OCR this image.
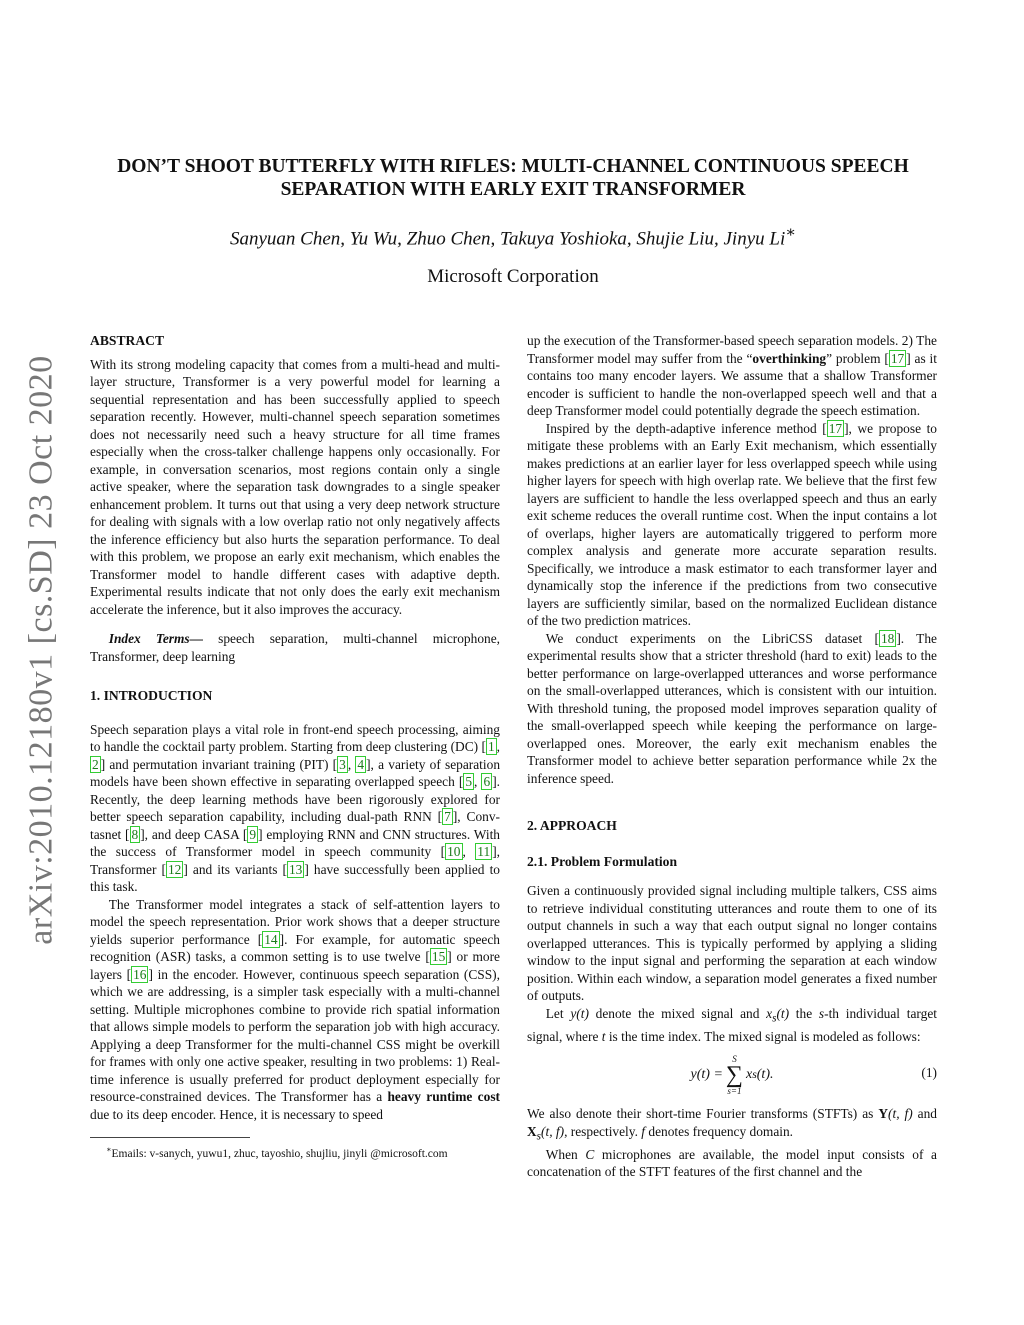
arXiv:2010.12180v1 [cs.SD] 23 Oct 2020
DON’T SHOOT BUTTERFLY WITH RIFLES: MULTI-CHANNEL CONTINUOUS SPEECH
SEPARATION WITH EARLY EXIT TRANSFORMER
Sanyuan Chen, Yu Wu, Zhuo Chen, Takuya Yoshioka, Shujie Liu, Jinyu Li∗
Microsoft Corporation

ABSTRACT

With its strong modeling capacity that comes from a multi-head and multi-layer structure, Transformer is a very powerful model for learning a sequential representation and has been successfully applied to speech separation recently. However, multi-channel speech separation sometimes does not necessarily need such a heavy structure for all time frames especially when the cross-talker challenge happens only occasionally. For example, in conversation scenarios, most regions contain only a single active speaker, where the separation task downgrades to a single speaker enhancement problem. It turns out that using a very deep network structure for dealing with signals with a low overlap ratio not only negatively affects the inference efficiency but also hurts the separation performance. To deal with this problem, we propose an early exit mechanism, which enables the Transformer model to handle different cases with adaptive depth. Experimental results indicate that not only does the early exit mechanism accelerate the inference, but it also improves the accuracy.

Index Terms— speech separation, multi-channel microphone, Transformer, deep learning

1. INTRODUCTION

Speech separation plays a vital role in front-end speech processing, aiming to handle the cocktail party problem. Starting from deep clustering (DC) [ 1 , 2 ] and permutation invariant training (PIT) [ 3 , 4 ], a variety of separation models have been shown effective in separating overlapped speech [ 5 , 6 ]. Recently, the deep learning methods have been rigorously explored for better speech separation capability, including dual-path RNN [ 7 ], Conv-tasnet [ 8 ], and deep CASA [ 9 ] employing RNN and CNN structures. With the success of Transformer model in speech community [ 10 , 11 ], Transformer [ 12 ] and its variants [ 13 ] have successfully been applied to this task.

The Transformer model integrates a stack of self-attention layers to model the speech representation. Prior work shows that a deeper structure yields superior performance [ 14 ]. For example, for automatic speech recognition (ASR) tasks, a common setting is to use twelve [ 15 ] or more layers [ 16 ] in the encoder. However, continuous speech separation (CSS), which we are addressing, is a simpler task especially with a multi-channel setting. Multiple microphones combine to provide rich spatial information that allows simple models to perform the separation job with high accuracy. Applying a deep Transformer for the multi-channel CSS might be overkill for frames with only one active speaker, resulting in two problems: 1) Real-time inference is usually preferred for product deployment especially for resource-constrained devices. The Transformer has a heavy runtime cost due to its deep encoder. Hence, it is necessary to speed

∗Emails: v-sanych, yuwu1, zhuc, tayoshio, shujliu, jinyli @microsoft.com

up the execution of the Transformer-based speech separation models. 2) The Transformer model may suffer from the “overthinking” problem [ 17 ] as it contains too many encoder layers. We assume that a shallow Transformer encoder is sufficient to handle the non-overlapped speech well and that a deep Transformer model could potentially degrade the speech estimation.

Inspired by the depth-adaptive inference method [ 17 ], we propose to mitigate these problems with an Early Exit mechanism, which essentially makes predictions at an earlier layer for less overlapped speech while using higher layers for speech with high overlap rate. We believe that the first few layers are sufficient to handle the less overlapped speech and thus an early exit scheme reduces the overall runtime cost. When the input contains a lot of overlaps, higher layers are automatically triggered to perform more complex analysis and generate more accurate separation results. Specifically, we introduce a mask estimator to each transformer layer and dynamically stop the inference if the predictions from two consecutive layers are sufficiently similar, based on the normalized Euclidean distance of the two prediction matrices.

We conduct experiments on the LibriCSS dataset [ 18 ]. The experimental results show that a stricter threshold (hard to exit) leads to the better performance on large-overlapped utterances and worse performance on the small-overlapped utterances, which is consistent with our intuition. With threshold tuning, the proposed model improves separation quality of the small-overlapped speech while keeping the performance on large-overlapped ones. Moreover, the early exit mechanism enables the Transformer model to achieve better separation performance while 2x the inference speed.

2. APPROACH

2.1. Problem Formulation

Given a continuously provided signal including multiple talkers, CSS aims to retrieve individual constituting utterances and route them to one of its output channels in such a way that each output signal no longer contains overlapped utterances. This is typically performed by applying a sliding window to the input signal and performing the separation at each window position. Within each window, a separation model generates a fixed number of outputs.

Let y(t) denote the mixed signal and $x_s(t)$ the s-th individual target signal, where t is the time index. The mixed signal is modeled as follows:

y(t) =
S
∑
s=1
x s (t).	(1)

We also denote their short-time Fourier transforms (STFTs) as Y(t, f) and $X_s(t$, f), respectively. f denotes frequency domain.

When C microphones are available, the model input consists of a concatenation of the STFT features of the first channel and the
